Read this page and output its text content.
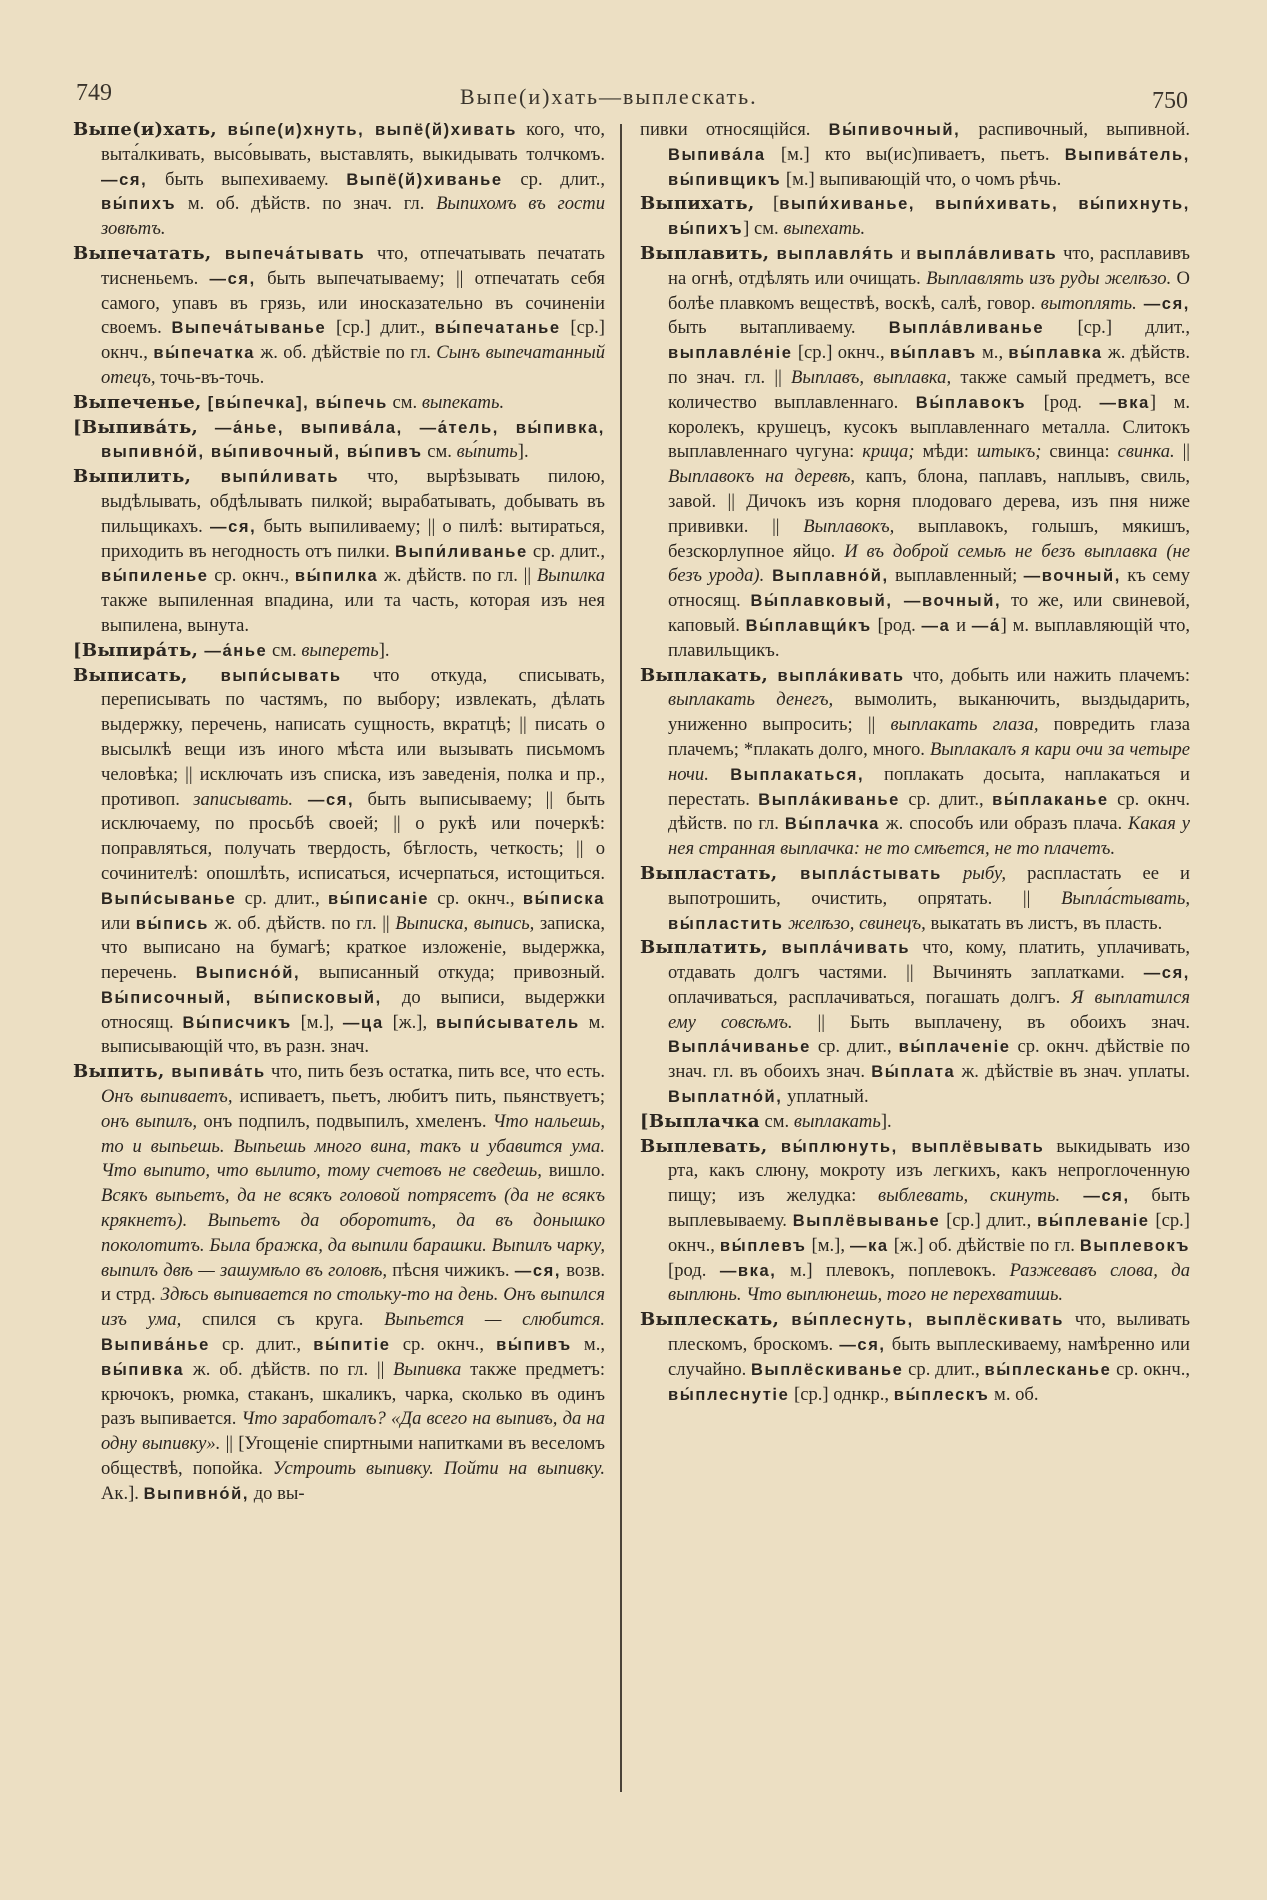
749	Выпе(и)хать—выплескать.	750
Выпе(и)хать, вы́пе(и)хнуть, выпё(й)хивать кого, что, выта́лкивать, высо́вывать, выставлять, выкидывать толчкомъ. —ся, быть выпехиваему. Выпё(й)хиванье ср. длит., вы́пихъ м. об. дѣйств. по знач. гл. Выпихомъ въ гости зовѣтъ.
Выпечатать, выпеча́тывать что, отпечатывать печатать тисненьемъ. —ся, быть выпечатываему; || отпечатать себя самого, упавъ въ грязь, или иносказательно въ сочиненіи своемъ. Выпеча́тыванье [ср.] длит., вы́печатанье [ср.] окнч., вы́печатка ж. об. дѣйствіе по гл. Сынъ выпечатанный отецъ, точь-въ-точь.
Выпеченье, [вы́печка], вы́печь см. выпекать.
[Выпива́ть, —а́нье, выпива́ла, —а́тель, вы́пивка, выпивно́й, вы́пивочный, вы́пивъ см. вы́пить].
Выпилить, выпи́ливать что, вырѣзывать пилою, выдѣлывать, обдѣлывать пилкой; вырабатывать, добывать въ пильщикахъ. —ся, быть выпиливаему; || о пилѣ: вытираться, приходить въ негодность отъ пилки. Выпи́ливанье ср. длит., вы́пиленье ср. окнч., вы́пилка ж. дѣйств. по гл. || Выпилка также выпиленная впадина, или та часть, которая изъ нея выпилена, вынута.
[Выпира́ть, —а́нье см. выпереть].
Выписать, выпи́сывать что откуда, списывать, переписывать по частямъ, по выбору; извлекать, дѣлать выдержку, перечень, написать сущность, вкратцѣ; || писать о высылкѣ вещи изъ иного мѣста или вызывать письмомъ человѣка; || исключать изъ списка, изъ заведенія, полка и пр., противоп. записывать. —ся, быть выписываему; || быть исключаему, по просьбѣ своей; || о рукѣ или почеркѣ: поправляться, получать твердость, бѣглость, четкость; || о сочинителѣ: опошлѣть, исписаться, исчерпаться, истощиться. Выпи́сыванье ср. длит., вы́писаніе ср. окнч., вы́писка или вы́пись ж. об. дѣйств. по гл. || Выписка, выпись, записка, что выписано на бумагѣ; краткое изложеніе, выдержка, перечень. Выписно́й, выписанный откуда; привозный. Вы́писочный, вы́писковый, до выписи, выдержки относящ. Вы́писчикъ [м.], —ца [ж.], выпи́сыватель м. выписывающій что, въ разн. знач.
Выпить, выпива́ть что, пить безъ остатка, пить все, что есть. Онъ выпиваетъ, испиваетъ, пьетъ, любитъ пить, пьянствуетъ; онъ выпилъ, онъ подпилъ, подвыпилъ, хмеленъ. Что нальешь, то и выпьешь. Выпьешь много вина, такъ и убавится ума. Что выпито, что вылито, тому счетовъ не сведешь, вишло. Всякъ выпьетъ, да не всякъ головой потрясетъ (да не всякъ крякнетъ). Выпьетъ да оборотитъ, да въ донышко поколотитъ. Была бражка, да выпили барашки. Выпилъ чарку, выпилъ двѣ — зашумѣло въ головѣ, пѣсня чижикъ. —ся, возв. и стрд. Здѣсь выпивается по стольку-то на день. Онъ выпился изъ ума, спился съ круга. Выпьется — слюбится. Выпива́нье ср. длит., вы́питіе ср. окнч., вы́пивъ м., вы́пивка ж. об. дѣйств. по гл. || Выпивка также предметъ: крючокъ, рюмка, стаканъ, шкаликъ, чарка, сколько въ одинъ разъ выпивается. Что заработалъ? «Да всего на выпивъ, да на одну выпивку». || [Угощеніе спиртными напитками въ веселомъ обществѣ, попойка. Устроить выпивку. Пойти на выпивку. Ак.]. Выпивно́й, до вы-
пивки относящійся. Вы́пивочный, распивочный, выпивной. Выпива́ла [м.] кто вы(ис)пиваетъ, пьетъ. Выпива́тель, вы́пивщикъ [м.] выпивающій что, о чомъ рѣчь.
Выпихать, [выпи́хиванье, выпи́хивать, вы́пихнуть, вы́пихъ] см. выпехать.
Выплавить, выплавля́ть и выпла́вливать что, расплавивъ на огнѣ, отдѣлять или очищать. Выплавлять изъ руды желѣзо. О болѣе плавкомъ веществѣ, воскѣ, салѣ, говор. вытоплять. —ся, быть вытапливаему. Выпла́вливанье [ср.] длит., выплавле́ніе [ср.] окнч., вы́плавъ м., вы́плавка ж. дѣйств. по знач. гл. || Выплавъ, выплавка, также самый предметъ, все количество выплавленнаго. Вы́плавокъ [род. —вка] м. королекъ, крушецъ, кусокъ выплавленнаго металла. Слитокъ выплавленнаго чугуна: крица; мѣди: штыкъ; свинца: свинка. || Выплавокъ на деревѣ, капъ, блона, паплавъ, наплывъ, свиль, завой. || Дичокъ изъ корня плодоваго дерева, изъ пня ниже прививки. || Выплавокъ, выплавокъ, голышъ, мякишъ, безскорлупное яйцо. И въ доброй семьѣ не безъ выплавка (не безъ урода). Выплавно́й, выплавленный; —вочный, къ сему относящ. Вы́плавковый, —вочный, то же, или свиневой, каповый. Вы́плавщи́къ [род. —а и —а́] м. выплавляющій что, плавильщикъ.
Выплакать, выпла́кивать что, добыть или нажить плачемъ: выплакать денегъ, вымолить, выканючить, выздыдарить, униженно выпросить; || выплакать глаза, повредить глаза плачемъ; *плакать долго, много. Выплакалъ я кари очи за четыре ночи. Выплакаться, поплакать досыта, наплакаться и перестать. Выпла́киванье ср. длит., вы́плаканье ср. окнч. дѣйств. по гл. Вы́плачка ж. способъ или образъ плача. Какая у нея странная выплачка: не то смѣется, не то плачетъ.
Выпластать, выпла́стывать рыбу, распластать ее и выпотрошить, очистить, опрятать. || Выпла́стывать, вы́пластить желѣзо, свинецъ, выкатать въ листъ, въ пласть.
Выплатить, выпла́чивать что, кому, платить, уплачивать, отдавать долгъ частями. || Вычинять заплатками. —ся, оплачиваться, расплачиваться, погашать долгъ. Я выплатился ему совсѣмъ. || Быть выплачену, въ обоихъ знач. Выпла́чиванье ср. длит., вы́плаченіе ср. окнч. дѣйствіе по знач. гл. въ обоихъ знач. Вы́плата ж. дѣйствіе въ знач. уплаты. Выплатно́й, уплатный.
[Выплачка см. выплакать].
Выплевать, вы́плюнуть, выплёвывать выкидывать изо рта, какъ слюну, мокроту изъ легкихъ, какъ непроглоченную пищу; изъ желудка: выблевать, скинуть. —ся, быть выплевываему. Выплёвыванье [ср.] длит., вы́плеваніе [ср.] окнч., вы́плевъ [м.], —ка [ж.] об. дѣйствіе по гл. Выплевокъ [род. —вка, м.] плевокъ, поплевокъ. Разжевавъ слова, да выплюнь. Что выплюнешь, того не перехватишь.
Выплескать, вы́плеснуть, выплёскивать что, выливать плескомъ, броскомъ. —ся, быть выплескиваему, намѣренно или случайно. Выплёскиванье ср. длит., вы́плесканье ср. окнч., вы́плеснутіе [ср.] однкр., вы́плескъ м. об.
